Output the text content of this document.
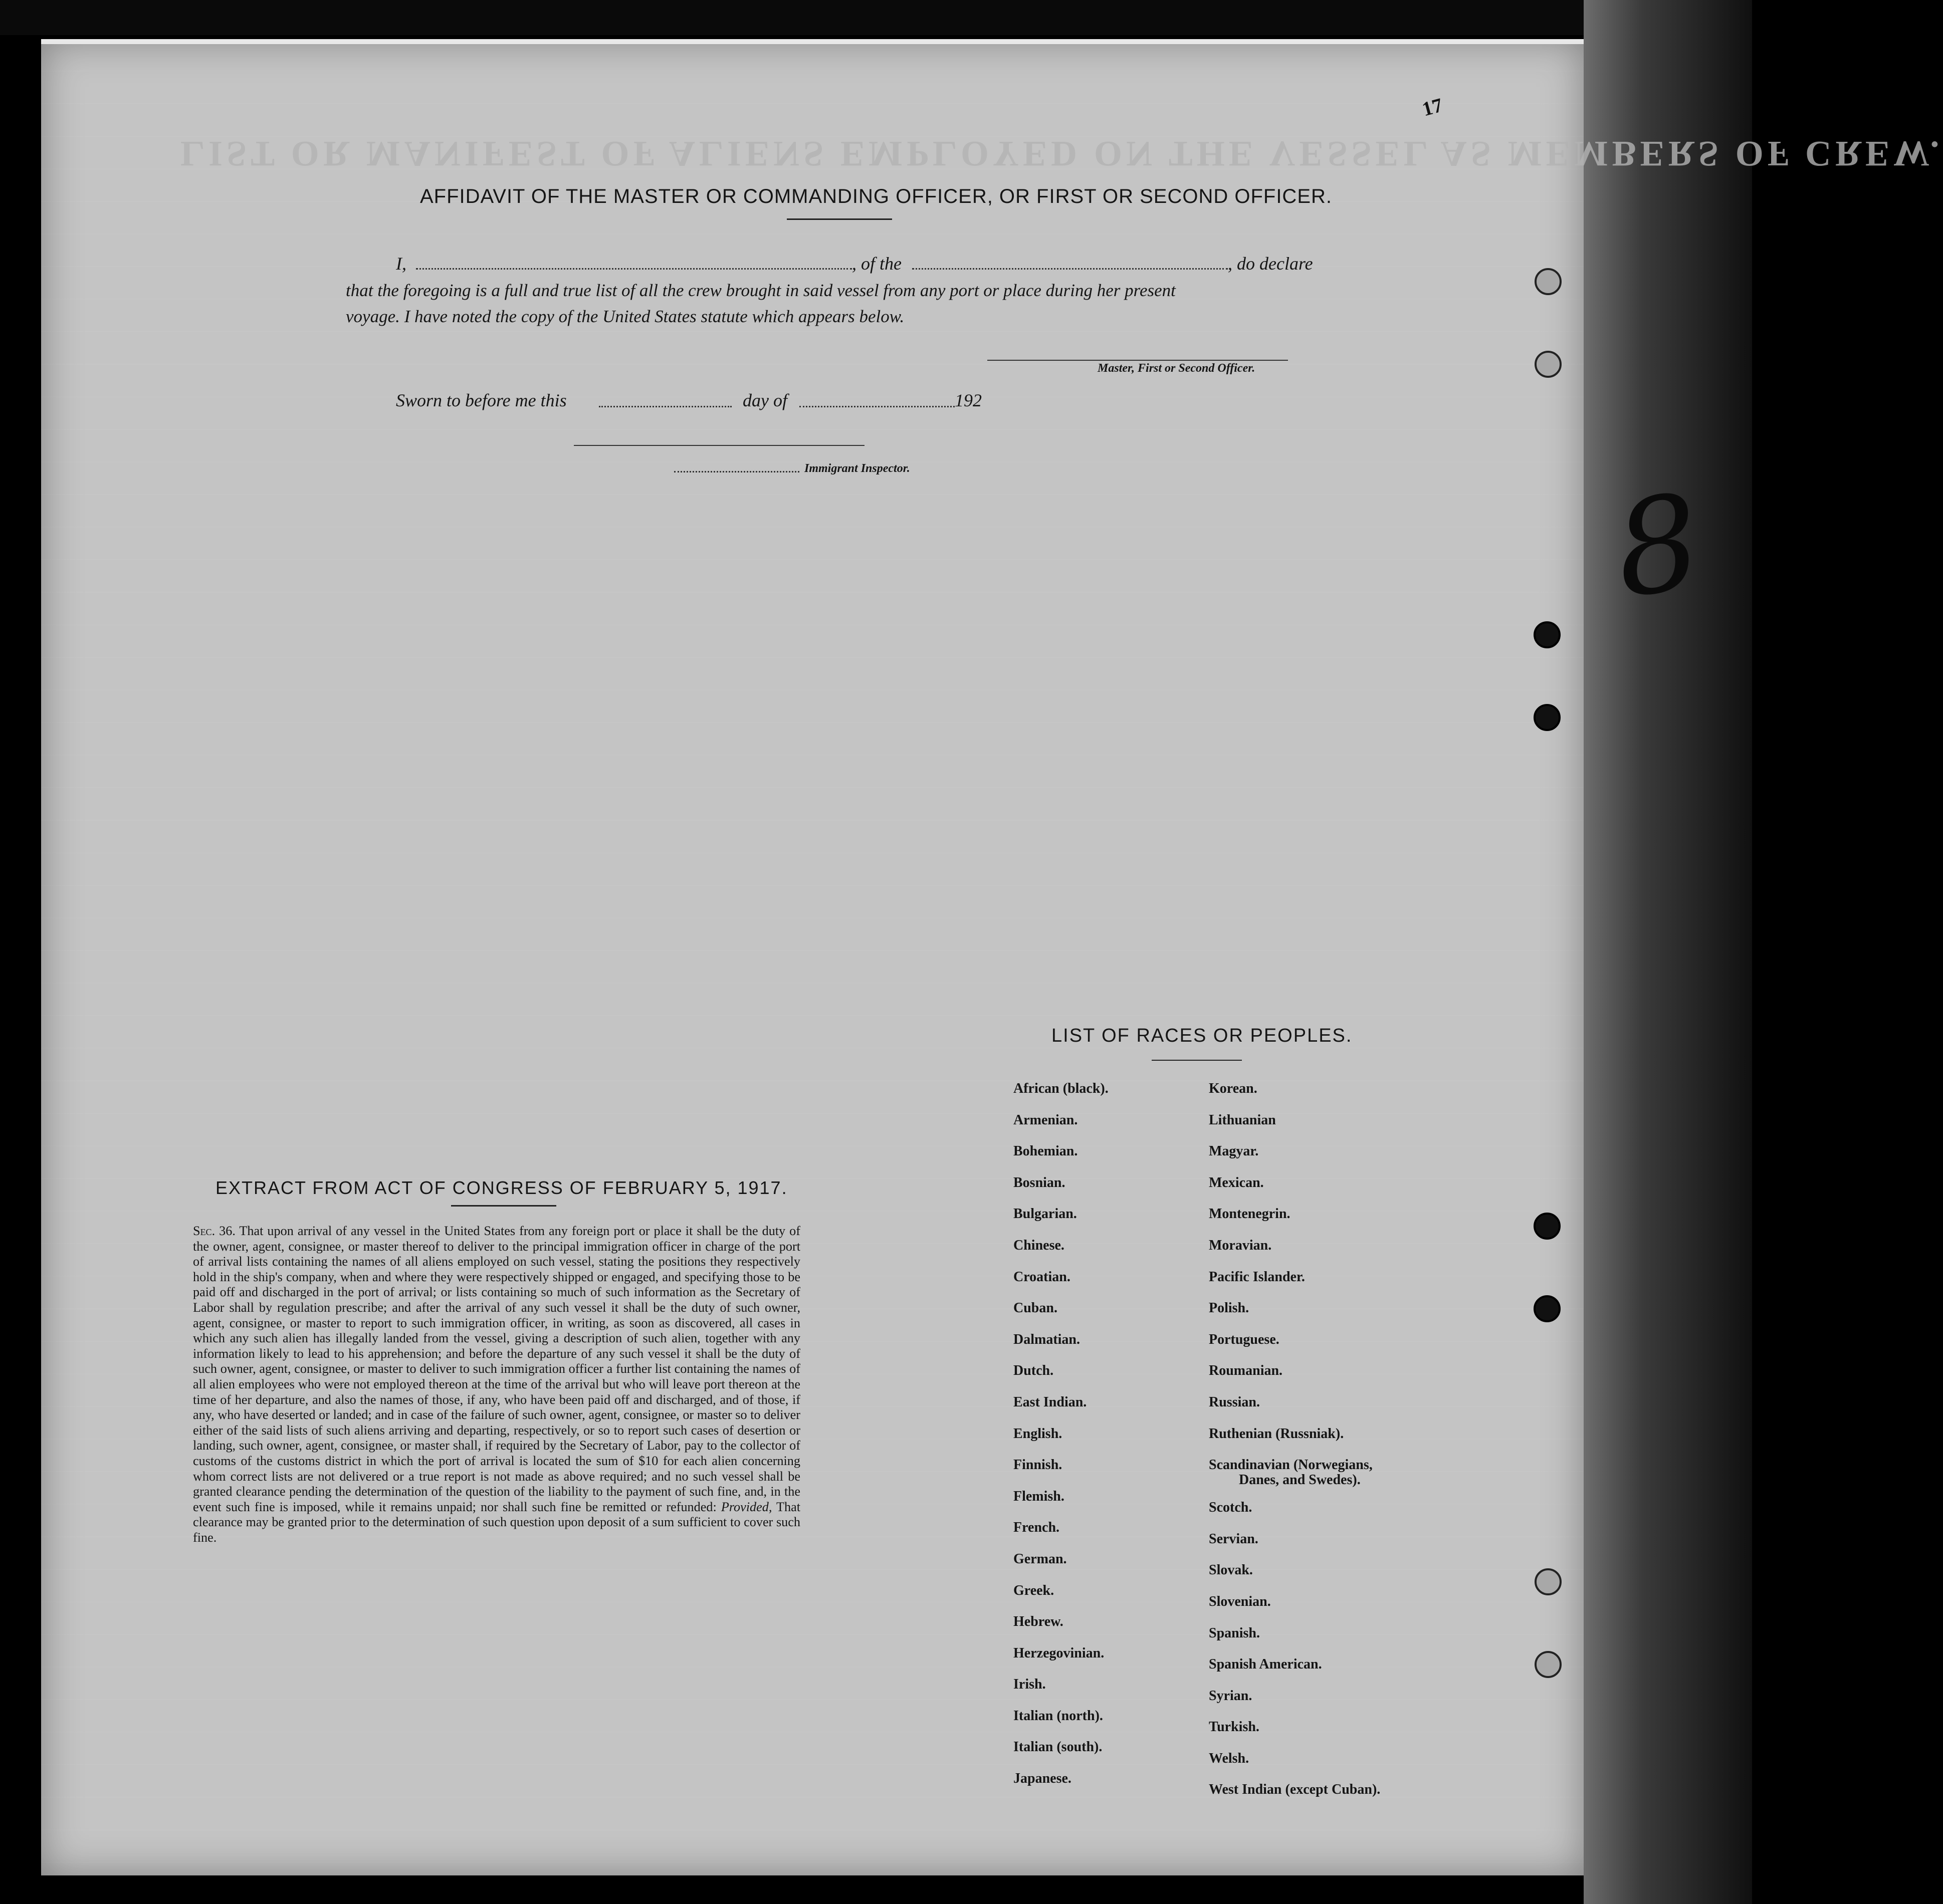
LIST OR MANIFEST OF ALIENS EMPLOYED ON THE VESSEL AS MEMBERS OF CREW.
17
8
AFFIDAVIT OF THE MASTER OR COMMANDING OFFICER, OR FIRST OR SECOND OFFICER.
I,	, of the	, do declare
that the foregoing is a full and true list of all the crew brought in said vessel from any port or place during her present
voyage. I have noted the copy of the United States statute which appears below.
Master, First or Second Officer.
Sworn to before me this	day of	192
Immigrant Inspector.
EXTRACT FROM ACT OF CONGRESS OF FEBRUARY 5, 1917.
Sec. 36. That upon arrival of any vessel in the United States from any foreign port or place it shall be the duty of the owner, agent, consignee, or master thereof to deliver to the principal immigration officer in charge of the port of arrival lists containing the names of all aliens employed on such vessel, stating the positions they respectively hold in the ship's company, when and where they were respectively shipped or engaged, and specifying those to be paid off and discharged in the port of arrival; or lists containing so much of such information as the Secretary of Labor shall by regulation prescribe; and after the arrival of any such vessel it shall be the duty of such owner, agent, consignee, or master to report to such immigration officer, in writing, as soon as discovered, all cases in which any such alien has illegally landed from the vessel, giving a description of such alien, together with any information likely to lead to his apprehension; and before the departure of any such vessel it shall be the duty of such owner, agent, consignee, or master to deliver to such immigration officer a further list containing the names of all alien employees who were not employed thereon at the time of the arrival but who will leave port thereon at the time of her departure, and also the names of those, if any, who have been paid off and discharged, and of those, if any, who have deserted or landed; and in case of the failure of such owner, agent, consignee, or master so to deliver either of the said lists of such aliens arriving and departing, respectively, or so to report such cases of desertion or landing, such owner, agent, consignee, or master shall, if required by the Secretary of Labor, pay to the collector of customs of the customs district in which the port of arrival is located the sum of $10 for each alien concerning whom correct lists are not delivered or a true report is not made as above required; and no such vessel shall be granted clearance pending the determination of the question of the liability to the payment of such fine, and, in the event such fine is imposed, while it remains unpaid; nor shall such fine be remitted or refunded: Provided, That clearance may be granted prior to the determination of such question upon deposit of a sum sufficient to cover such fine.
LIST OF RACES OR PEOPLES.
African (black).
Armenian.
Bohemian.
Bosnian.
Bulgarian.
Chinese.
Croatian.
Cuban.
Dalmatian.
Dutch.
East Indian.
English.
Finnish.
Flemish.
French.
German.
Greek.
Hebrew.
Herzegovinian.
Irish.
Italian (north).
Italian (south).
Japanese.
Korean.
Lithuanian
Magyar.
Mexican.
Montenegrin.
Moravian.
Pacific Islander.
Polish.
Portuguese.
Roumanian.
Russian.
Ruthenian (Russniak).
Scandinavian (Norwegians,
Danes, and Swedes).
Scotch.
Servian.
Slovak.
Slovenian.
Spanish.
Spanish American.
Syrian.
Turkish.
Welsh.
West Indian (except Cuban).
